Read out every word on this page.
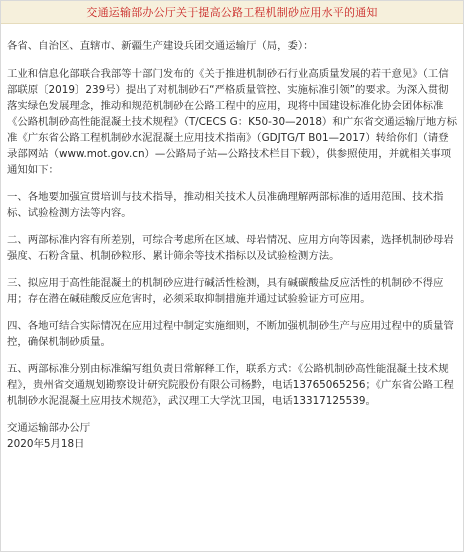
交通运输部办公厅关于提高公路工程机制砂应用水平的通知

各省、自治区、直辖市、新疆生产建设兵团交通运输厅（局，委）：

工业和信息化部联合我部等十部门发布的《关于推进机制砂石行业高质量发展的若干意见》（工信部联原〔2019〕239号）提出了对机制砂石“严格质量管控、实施标准引领”的要求。为深入贯彻落实绿色发展理念，推动和规范机制砂在公路工程中的应用，现将中国建设标准化协会团体标准《公路机制砂高性能混凝土技术规程》（T/CECS G：K50-30—2018）和广东省交通运输厅地方标准《广东省公路工程机制砂水泥混凝土应用技术指南》（GDJTG/T B01—2017）转给你们（请登录部网站（www.mot.gov.cn）—公路局子站—公路技术栏目下载），供参照使用，并就相关事项通知如下：

一、各地要加强宣贯培训与技术指导，推动相关技术人员准确理解两部标准的适用范围、技术指标、试验检测方法等内容。

二、两部标准内容有所差别，可综合考虑所在区域、母岩情况、应用方向等因素，选择机制砂母岩强度、石粉含量、机制砂粒形、累计筛余等技术指标以及试验检测方法。

三、拟应用于高性能混凝土的机制砂应进行碱活性检测，具有碱碳酸盐反应活性的机制砂不得应用；存在潜在碱硅酸反应危害时，必须采取抑制措施并通过试验验证方可应用。

四、各地可结合实际情况在应用过程中制定实施细则，不断加强机制砂生产与应用过程中的质量管控，确保机制砂质量。

五、两部标准分别由标准编写组负责日常解释工作，联系方式：《公路机制砂高性能混凝土技术规程》，贵州省交通规划勘察设计研究院股份有限公司杨黔，电话13765065256；《广东省公路工程机制砂水泥混凝土应用技术规范》，武汉理工大学沈卫国，电话13317125539。

交通运输部办公厅

2020年5月18日
